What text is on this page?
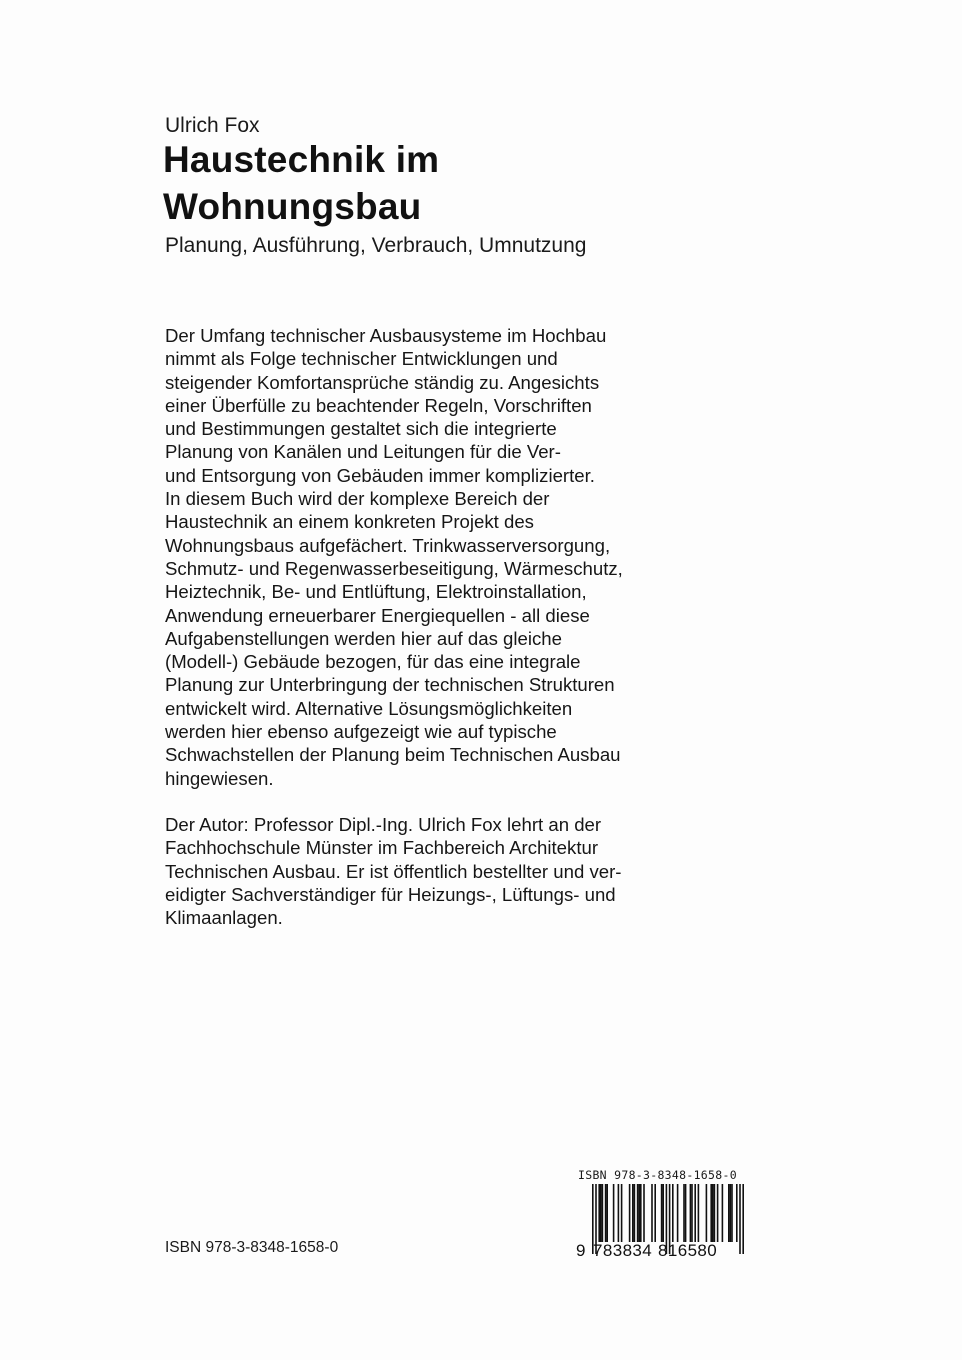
Ulrich Fox
Haustechnik im
Wohnungsbau
Planung, Ausführung, Verbrauch, Umnutzung
Der Umfang technischer Ausbausysteme im Hochbau
nimmt als Folge technischer Entwicklungen und
steigender Komfortansprüche ständig zu. Angesichts
einer Überfülle zu beachtender Regeln, Vorschriften
und Bestimmungen gestaltet sich die integrierte
Planung von Kanälen und Leitungen für die Ver-
und Entsorgung von Gebäuden immer komplizierter.
In diesem Buch wird der komplexe Bereich der
Haustechnik an einem konkreten Projekt des
Wohnungsbaus aufgefächert. Trinkwasserversorgung,
Schmutz- und Regenwasserbeseitigung, Wärmeschutz,
Heiztechnik, Be- und Entlüftung, Elektroinstallation,
Anwendung erneuerbarer Energiequellen - all diese
Aufgabenstellungen werden hier auf das gleiche
(Modell-) Gebäude bezogen, für das eine integrale
Planung zur Unterbringung der technischen Strukturen
entwickelt wird. Alternative Lösungsmöglichkeiten
werden hier ebenso aufgezeigt wie auf typische
Schwachstellen der Planung beim Technischen Ausbau
hingewiesen.
Der Autor: Professor Dipl.-Ing. Ulrich Fox lehrt an der
Fachhochschule Münster im Fachbereich Architektur
Technischen Ausbau. Er ist öffentlich bestellter und ver-
eidigter Sachverständiger für Heizungs-, Lüftungs- und
Klimaanlagen.
ISBN 978-3-8348-1658-0
ISBN 978-3-8348-1658-0
9 783834 816580
